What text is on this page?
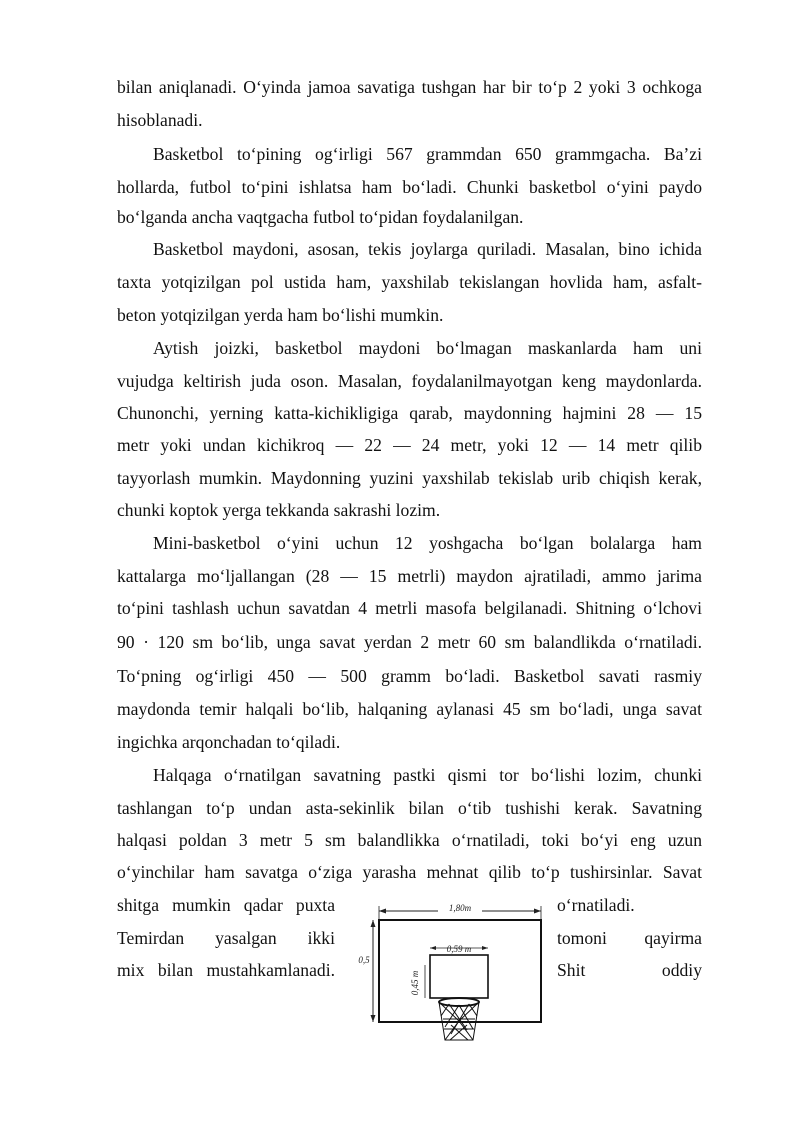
bilan aniqlanadi. O‘yinda jamoa savatiga tushgan har bir to‘p 2 yoki 3 ochkoga
hisoblanadi.
Basketbol to‘pining og‘irligi 567 grammdan 650 grammgacha. Ba’zi
hollarda, futbol to‘pini ishlatsa ham bo‘ladi. Chunki basketbol o‘yini paydo
bo‘lganda ancha vaqtgacha futbol to‘pidan foydalanilgan.
Basketbol maydoni, asosan, tekis joylarga quriladi. Masalan, bino ichida
taxta yotqizilgan pol ustida ham, yaxshilab tekislangan hovlida ham, asfalt-
beton yotqizilgan yerda ham bo‘lishi mumkin.
Aytish joizki, basketbol maydoni bo‘lmagan maskanlarda ham uni
vujudga keltirish juda oson. Masalan, foydalanilmayotgan keng maydonlarda.
Chunonchi, yerning katta-kichikligiga qarab, maydonning hajmini 28 — 15
metr yoki undan kichikroq — 22 — 24 metr, yoki 12 — 14 metr qilib
tayyorlash mumkin. Maydonning yuzini yaxshilab tekislab urib chiqish kerak,
chunki koptok yerga tekkanda sakrashi lozim.
Mini-basketbol o‘yini uchun 12 yoshgacha bo‘lgan bolalarga ham
kattalarga mo‘ljallangan (28 — 15 metrli) maydon ajratiladi, ammo jarima
to‘pini tashlash uchun savatdan 4 metrli masofa belgilanadi. Shitning o‘lchovi
90 · 120 sm bo‘lib, unga savat yerdan 2 metr 60 sm balandlikda o‘rnatiladi.
To‘pning og‘irligi 450 — 500 gramm bo‘ladi. Basketbol savati rasmiy
maydonda temir halqali bo‘lib, halqaning aylanasi 45 sm bo‘ladi, unga savat
ingichka arqonchadan to‘qiladi.
Halqaga o‘rnatilgan savatning pastki qismi tor bo‘lishi lozim, chunki
tashlangan to‘p undan asta-sekinlik bilan o‘tib tushishi kerak. Savatning
halqasi poldan 3 metr 5 sm balandlikka o‘rnatiladi, toki bo‘yi eng uzun
o‘yinchilar ham savatga o‘ziga yarasha mehnat qilib to‘p tushirsinlar. Savat
shitga mumkin qadar puxta
Temirdan yasalgan ikki
mix bilan mustahkamlanadi.
o‘rnatiladi.
tomoni qayirma
Shit oddiy
1,80m
0,5
0,59 m
0,45 m
